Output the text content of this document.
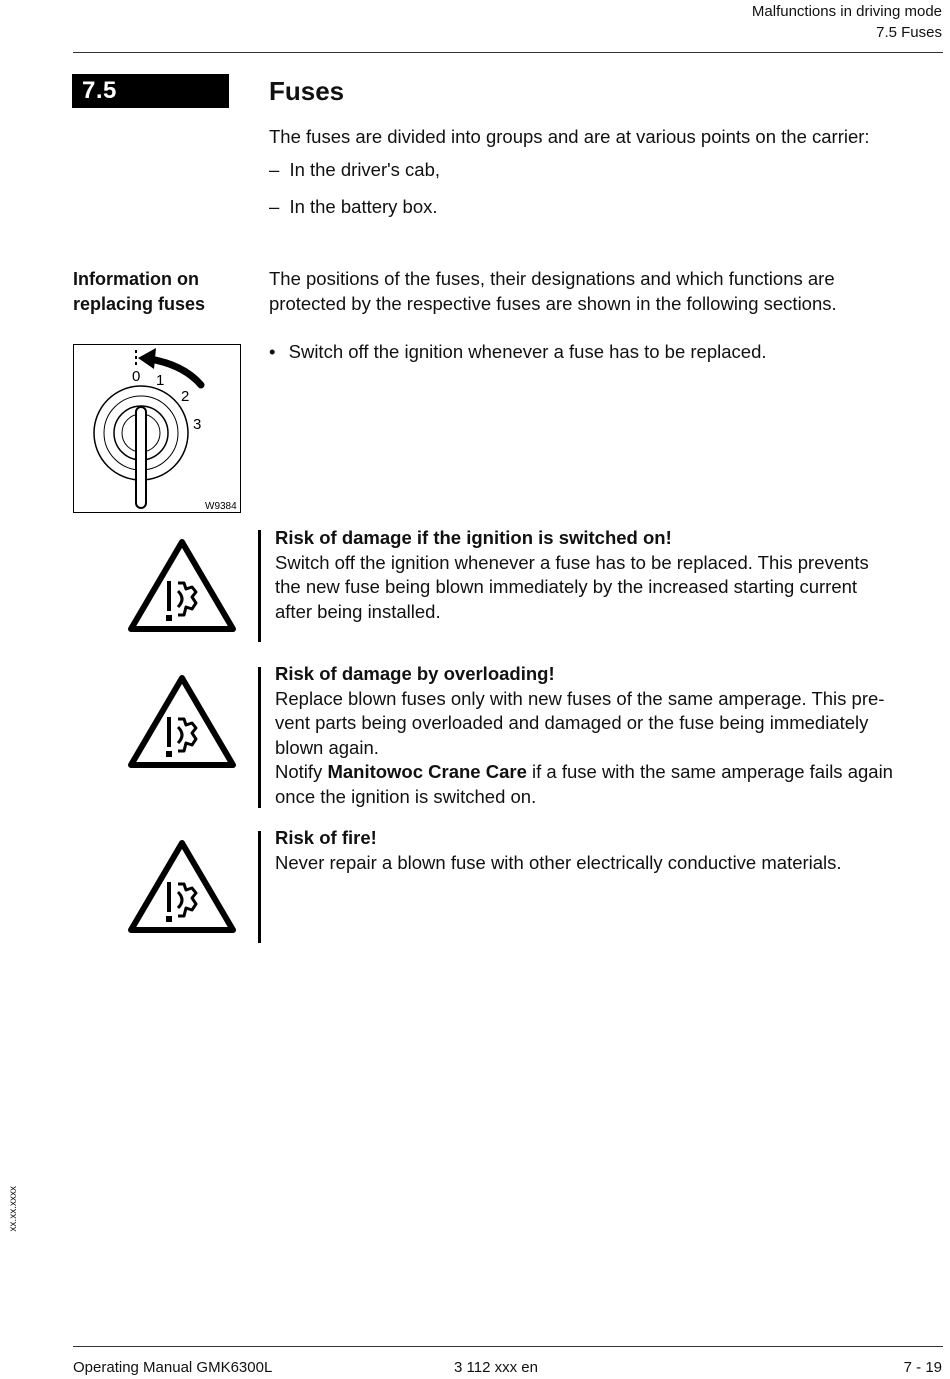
Malfunctions in driving mode
7.5 Fuses
7.5	Fuses
The fuses are divided into groups and are at various points on the carrier:
– In the driver's cab,
– In the battery box.
Information on
replacing fuses
The positions of the fuses, their designations and which functions are
protected by the respective fuses are shown in the following sections.
• Switch off the ignition whenever a fuse has to be replaced.
0 1
2
3
W9384
Risk of damage if the ignition is switched on!
Switch off the ignition whenever a fuse has to be replaced. This prevents
the new fuse being blown immediately by the increased starting current
after being installed.
Risk of damage by overloading!
Replace blown fuses only with new fuses of the same amperage. This pre-
vent parts being overloaded and damaged or the fuse being immediately
blown again.
Notify Manitowoc Crane Care if a fuse with the same amperage fails again
once the ignition is switched on.
Risk of fire!
Never repair a blown fuse with other electrically conductive materials.
xx.xx.xxxx
Operating Manual GMK6300L	3 112 xxx en	7 - 19
